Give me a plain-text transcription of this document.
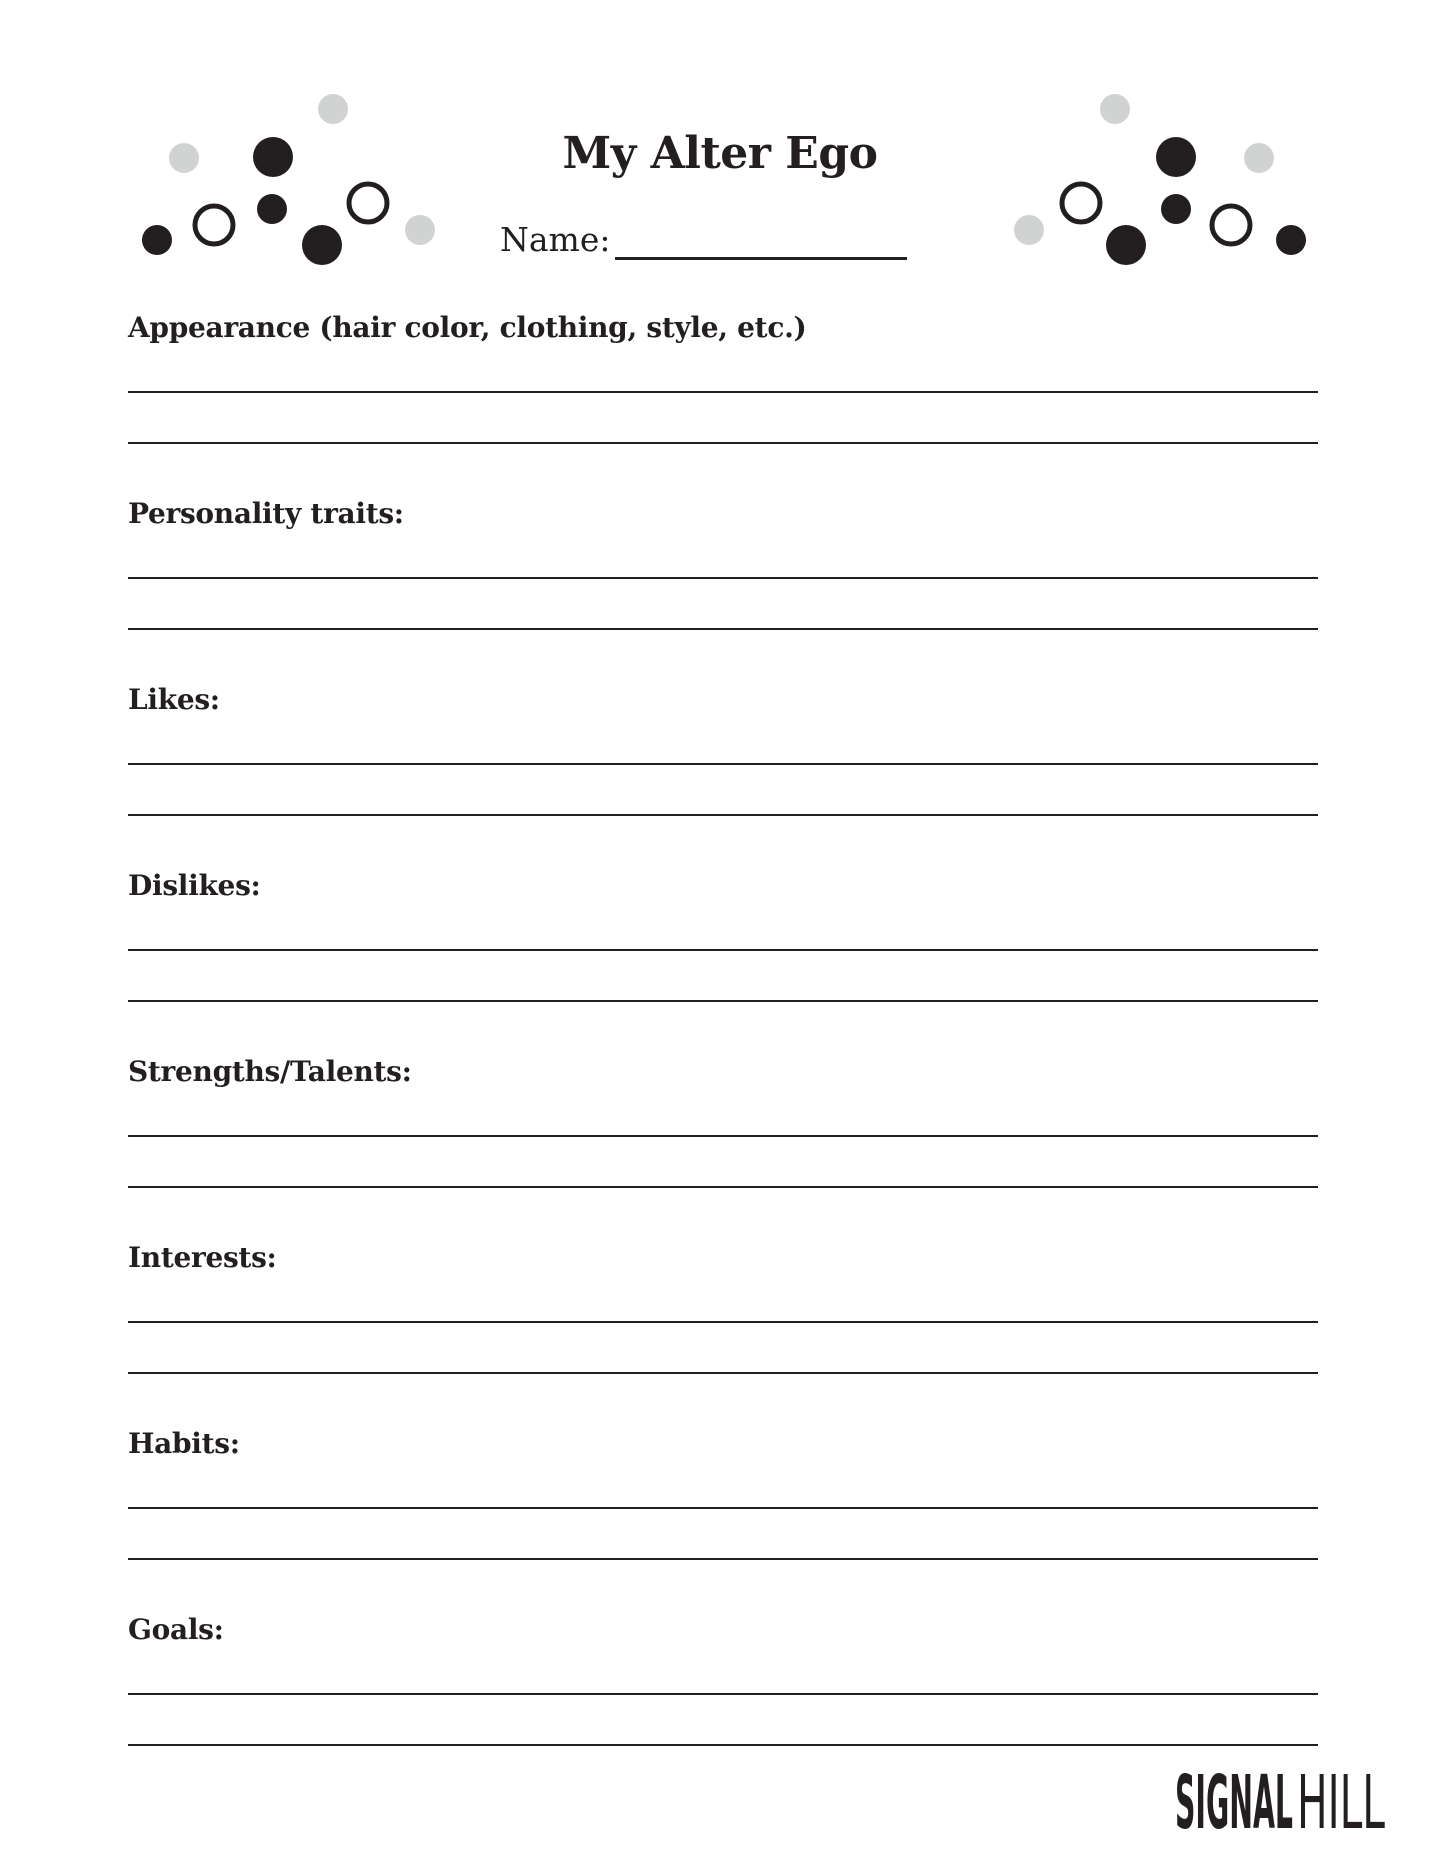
My Alter Ego
Name:

Appearance (hair color, clothing, style, etc.)

Personality traits:

Likes:

Dislikes:

Strengths/Talents:

Interests:

Habits:

Goals:

SIGNAL HILL
